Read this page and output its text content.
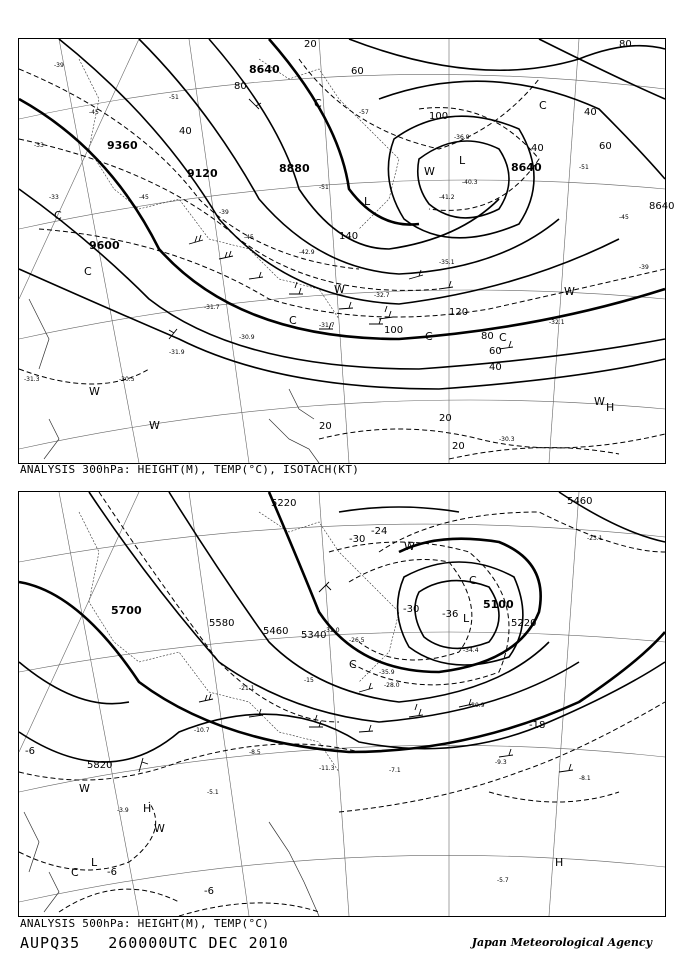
9600
9360
9120	8880
8640
8640
8640
20
40
60
80
100
120
140
80
60
40
20
40
60
80
100
20
20
40
-39
-45
-33
-51
-45
-39
-33
-45
-51
-57
-51
-45
-39
-31.7
-31.9
-30.9
-32.7
-35.1
-36.9
-40.3
-41.2
-42.9
-30.5
-31.3
-30.3
-31.7	-32.1
L
L
C
C
C
C
C	C
C
W
W
W	W
W
W
H
ANALYSIS 300hPa: HEIGHT(M), TEMP(°C), ISOTACH(KT)
5820
5700
5580
5460 5340
5220
5220
5100
5460
-6
-6
-6
-18
-24
-30
-30 -36
-8.5
-15
-21.1
-10.7
-5.7
-5.1
-3.9
-26.5
-32.0
-28.0
-34.4
-35.9
-23.1
-20.9
-8.1
-7.1
-11.3
-9.3
L
L
C
C
C
W
W
W
H
H
ANALYSIS 500hPa: HEIGHT(M), TEMP(°C)
AUPQ35 260000UTC DEC 2010	Japan Meteorological Agency
